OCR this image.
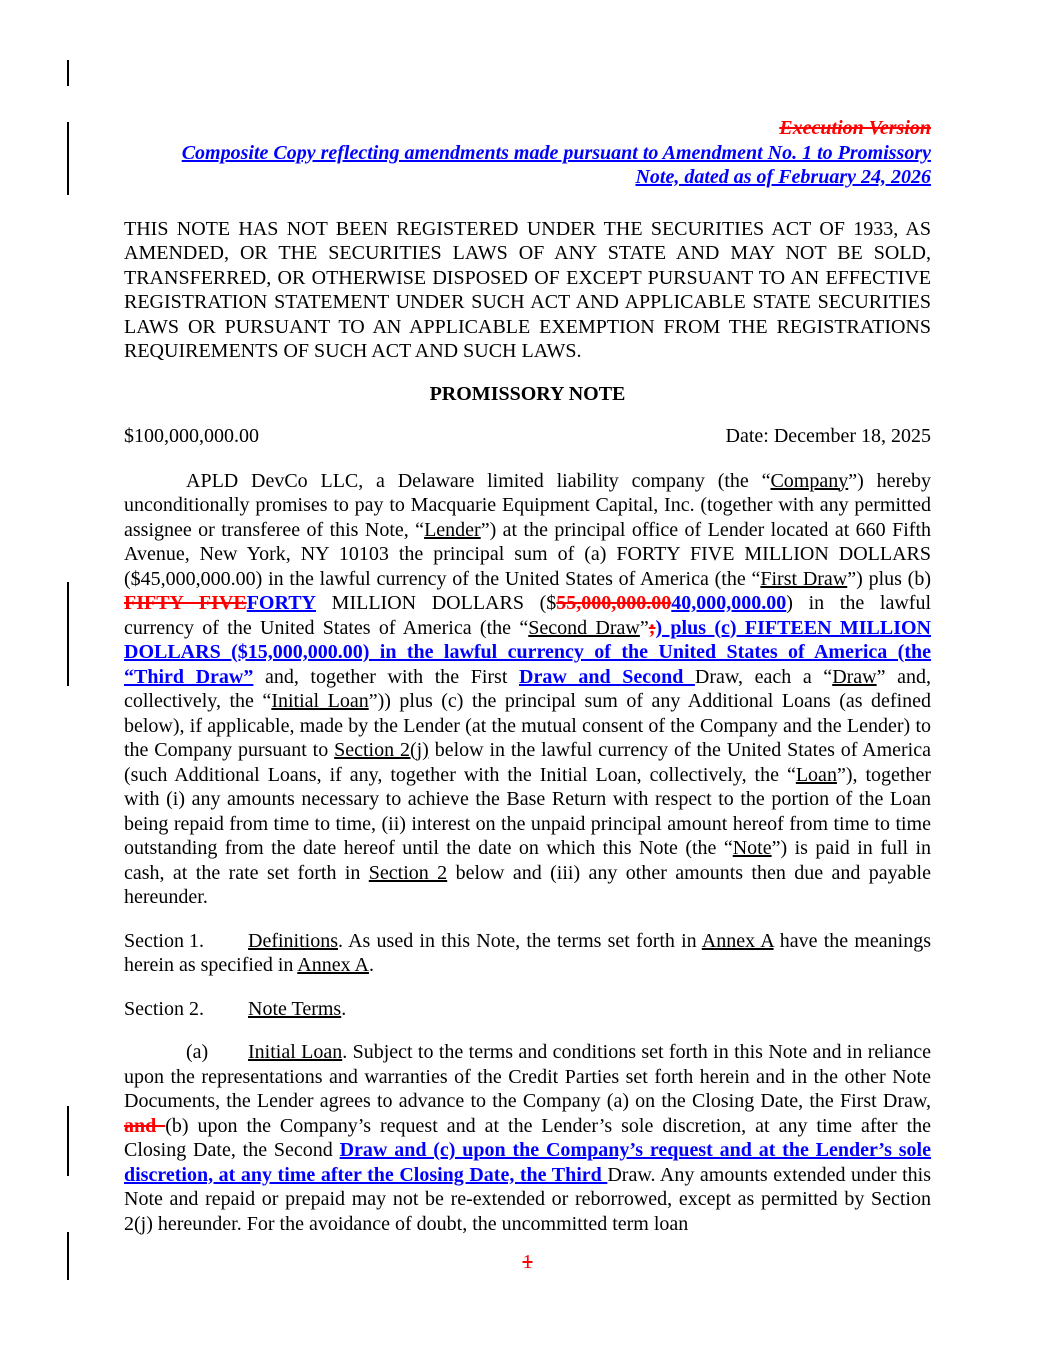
Execution Version
Composite Copy reflecting amendments made pursuant to Amendment No. 1 to Promissory
Note, dated as of February 24, 2026

THIS NOTE HAS NOT BEEN REGISTERED UNDER THE SECURITIES ACT OF 1933, AS AMENDED, OR THE SECURITIES LAWS OF ANY STATE AND MAY NOT BE SOLD, TRANSFERRED, OR OTHERWISE DISPOSED OF EXCEPT PURSUANT TO AN EFFECTIVE REGISTRATION STATEMENT UNDER SUCH ACT AND APPLICABLE STATE SECURITIES LAWS OR PURSUANT TO AN APPLICABLE EXEMPTION FROM THE REGISTRATIONS REQUIREMENTS OF SUCH ACT AND SUCH LAWS.

PROMISSORY NOTE
$100,000,000.00	Date: December 18, 2025

APLD DevCo LLC, a Delaware limited liability company (the “Company”) hereby unconditionally promises to pay to Macquarie Equipment Capital, Inc. (together with any permitted assignee or transferee of this Note, “Lender”) at the principal office of Lender located at 660 Fifth Avenue, New York, NY 10103 the principal sum of (a) FORTY FIVE MILLION DOLLARS ($45,000,000.00) in the lawful currency of the United States of America (the “First Draw”) plus (b) FIFTY FIVEFORTY MILLION DOLLARS ($55,000,000.0040,000,000.00) in the lawful currency of the United States of America (the “Second Draw”;) plus (c) FIFTEEN MILLION DOLLARS ($15,000,000.00) in the lawful currency of the United States of America (the “Third Draw” and, together with the First Draw and Second Draw, each a “Draw” and, collectively, the “Initial Loan”)) plus (c) the principal sum of any Additional Loans (as defined below), if applicable, made by the Lender (at the mutual consent of the Company and the Lender) to the Company pursuant to Section 2(j) below in the lawful currency of the United States of America (such Additional Loans, if any, together with the Initial Loan, collectively, the “Loan”), together with (i) any amounts necessary to achieve the Base Return with respect to the portion of the Loan being repaid from time to time, (ii) interest on the unpaid principal amount hereof from time to time outstanding from the date hereof until the date on which this Note (the “Note”) is paid in full in cash, at the rate set forth in Section 2 below and (iii) any other amounts then due and payable hereunder.

Section 1. Definitions. As used in this Note, the terms set forth in Annex A have the meanings herein as specified in Annex A.

Section 2. Note Terms.

(a) Initial Loan. Subject to the terms and conditions set forth in this Note and in reliance upon the representations and warranties of the Credit Parties set forth herein and in the other Note Documents, the Lender agrees to advance to the Company (a) on the Closing Date, the First Draw, and (b) upon the Company’s request and at the Lender’s sole discretion, at any time after the Closing Date, the Second Draw and (c) upon the Company’s request and at the Lender’s sole discretion, at any time after the Closing Date, the Third Draw. Any amounts extended under this Note and repaid or prepaid may not be re-extended or reborrowed, except as permitted by Section 2(j) hereunder. For the avoidance of doubt, the uncommitted term loan

1
